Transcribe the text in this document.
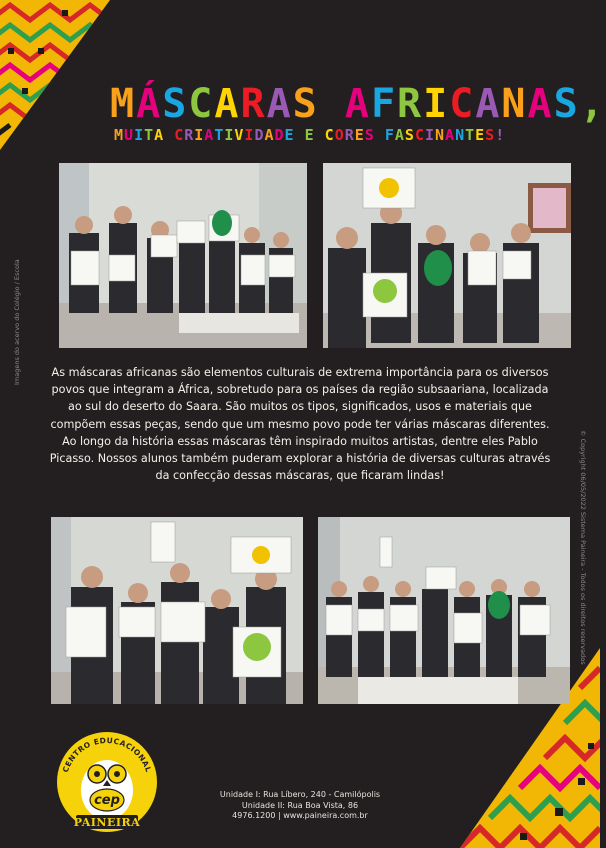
MÁSCARAS AFRICANAS,
MUITA CRIATIVIDADE E CORES FASCINANTES!
As máscaras africanas são elementos culturais de extrema importância para os diversos povos que integram a África, sobretudo para os países da região subsaariana, localizada ao sul do deserto do Saara. São muitos os tipos, significados, usos e materiais que compõem essas peças, sendo que um mesmo povo pode ter várias máscaras diferentes. Ao longo da história essas máscaras têm inspirado muitos artistas, dentre eles Pablo Picasso. Nossos alunos também puderam explorar a história de diversas culturas através da confecção dessas máscaras, que ficaram lindas!
Imagens do acervo do Colégio / Escola
© Copyright 06/05/2022 Sistema Paineira - Todos os direitos reservados
CENTRO EDUCACIONAL
cep
PAINEIRA
Unidade I: Rua Líbero, 240 - Camilópolis
Unidade II: Rua Boa Vista, 86
4976.1200 | www.paineira.com.br
